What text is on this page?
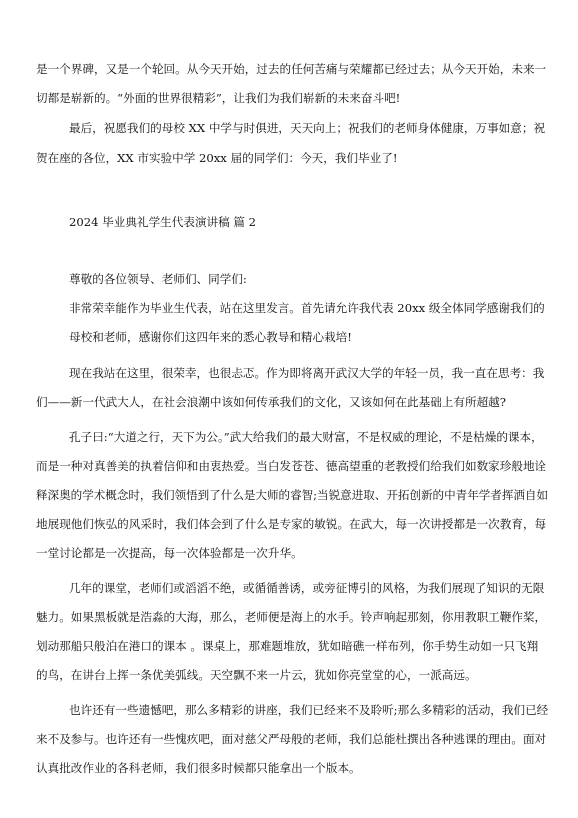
是一个界碑，又是一个轮回。从今天开始，过去的任何苦痛与荣耀都已经过去；从今天开始，未来一
切都是崭新的。“外面的世界很精彩”，让我们为我们崭新的未来奋斗吧!
最后，祝愿我们的母校 XX 中学与时俱进，天天向上；祝我们的老师身体健康，万事如意；祝
贺在座的各位，XX 市实验中学 20xx 届的同学们：今天，我们毕业了!
2024 毕业典礼学生代表演讲稿 篇 2
尊敬的各位领导、老师们、同学们:
非常荣幸能作为毕业生代表，站在这里发言。首先请允许我代表 20xx 级全体同学感谢我们的
母校和老师，感谢你们这四年来的悉心教导和精心栽培!
现在我站在这里，很荣幸，也很忐忑。作为即将离开武汉大学的年轻一员，我一直在思考：我
们——新一代武大人，在社会浪潮中该如何传承我们的文化，又该如何在此基础上有所超越?
孔子曰:“大道之行，天下为公。”武大给我们的最大财富，不是权威的理论，不是枯燥的课本，
而是一种对真善美的执着信仰和由衷热爱。当白发苍苍、德高望重的老教授们给我们如数家珍般地诠
释深奥的学术概念时，我们领悟到了什么是大师的睿智;当锐意进取、开拓创新的中青年学者挥洒自如
地展现他们恢弘的风采时，我们体会到了什么是专家的敏锐。在武大，每一次讲授都是一次教育，每
一堂讨论都是一次提高，每一次体验都是一次升华。
几年的课堂，老师们或滔滔不绝，或循循善诱，或旁征博引的风格，为我们展现了知识的无限
魅力。如果黑板就是浩淼的大海，那么，老师便是海上的水手。铃声响起那刻，你用教职工鞭作桨，
划动那船只般泊在港口的课本 。课桌上，那难题堆放，犹如暗礁一样布列，你手势生动如一只飞翔
的鸟，在讲台上挥一条优美弧线。天空飘不来一片云，犹如你亮堂堂的心，一派高远。
也许还有一些遗憾吧，那么多精彩的讲座，我们已经来不及聆听;那么多精彩的活动，我们已经
来不及参与。也许还有一些愧疚吧，面对慈父严母般的老师，我们总能杜撰出各种逃课的理由。面对
认真批改作业的各科老师，我们很多时候都只能拿出一个版本。
